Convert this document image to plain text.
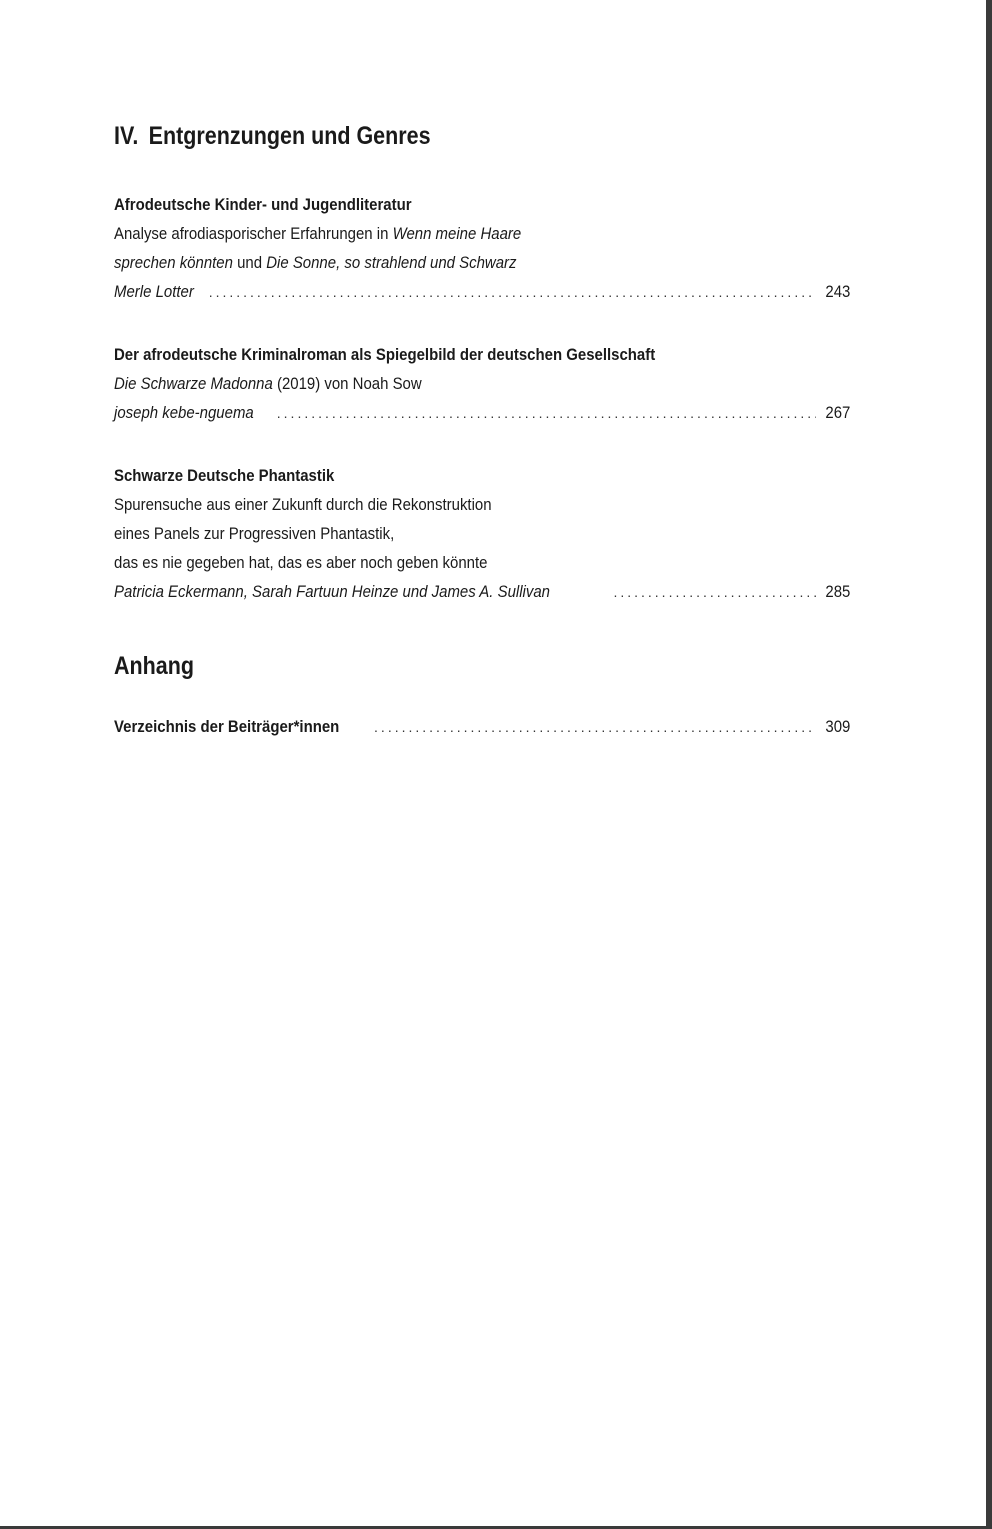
IV. Entgrenzungen und Genres
Afrodeutsche Kinder- und Jugendliteratur
Analyse afrodiasporischer Erfahrungen in Wenn meine Haare
sprechen könnten und Die Sonne, so strahlend und Schwarz
Merle Lotter .....	243
Der afrodeutsche Kriminalroman als Spiegelbild der deutschen Gesellschaft
Die Schwarze Madonna (2019) von Noah Sow
joseph kebe-nguema .....	267
Schwarze Deutsche Phantastik
Spurensuche aus einer Zukunft durch die Rekonstruktion
eines Panels zur Progressiven Phantastik,
das es nie gegeben hat, das es aber noch geben könnte
Patricia Eckermann, Sarah Fartuun Heinze und James A. Sullivan .....	285
Anhang
Verzeichnis der Beiträger*innen .....	309
